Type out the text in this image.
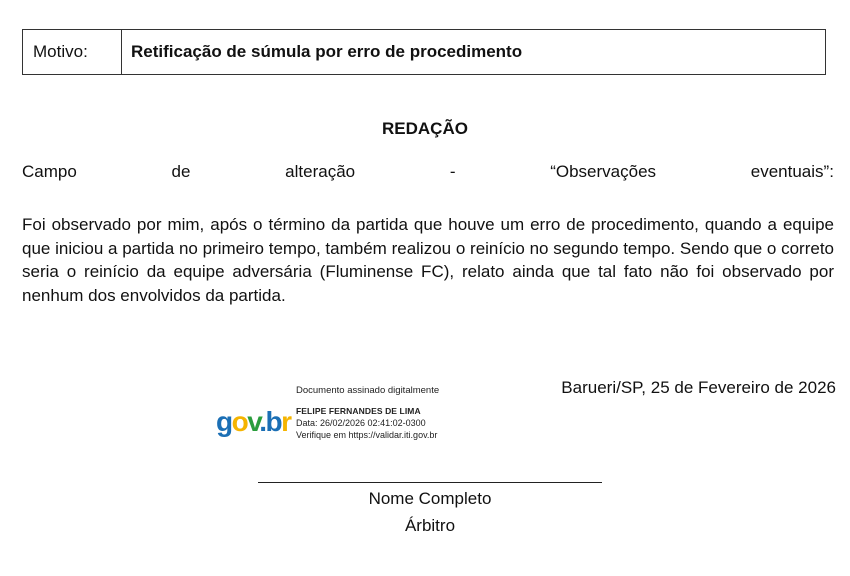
Motivo:	Retificação de súmula por erro de procedimento
REDAÇÃO
Campo	de	alteração	-	“Observações	eventuais”:

Foi observado por mim, após o término da partida que houve um erro de procedimento, quando a equipe que iniciou a partida no primeiro tempo, também realizou o reinício no segundo tempo. Sendo que o correto seria o reinício da equipe adversária (Fluminense FC), relato ainda que tal fato não foi observado por nenhum dos envolvidos da partida.

Barueri/SP, 25 de Fevereiro de 2026
gov.br
Documento assinado digitalmente
FELIPE FERNANDES DE LIMA
Data: 26/02/2026 02:41:02-0300
Verifique em https://validar.iti.gov.br
Nome Completo
Árbitro
